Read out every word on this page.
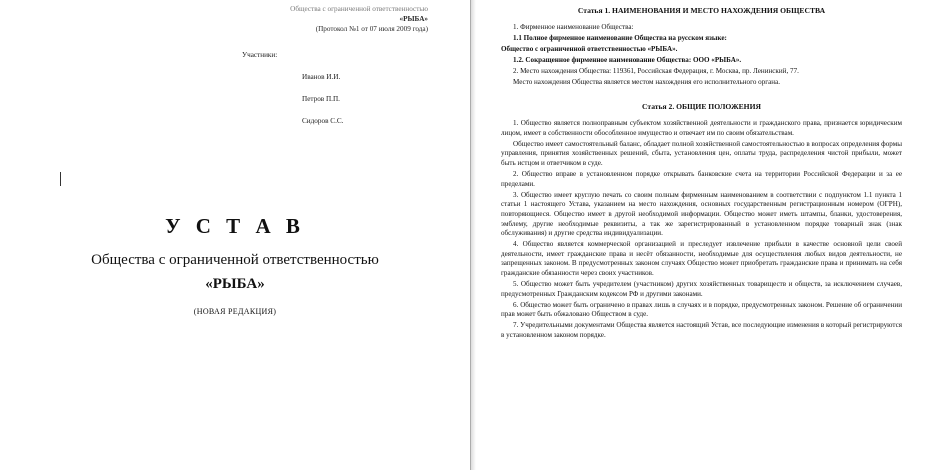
Общества с ограниченной ответственностью
«РЫБА»
(Протокол №1 от 07 июля 2009 года)
Участники:
Иванов И.И.
Петров П.П.
Сидоров С.С.
У С Т А В
Общества с ограниченной ответственностью
«РЫБА»
(НОВАЯ РЕДАКЦИЯ)
Статья 1. НАИМЕНОВАНИЯ И МЕСТО НАХОЖДЕНИЯ ОБЩЕСТВА
1. Фирменное наименование Общества:
1.1 Полное фирменное наименование Общества на русском языке:
Общество с ограниченной ответственностью «РЫБА».
1.2. Сокращенное фирменное наименование Общества: ООО «РЫБА».
2. Место нахождения Общества: 119361, Российская Федерация, г. Москва, пр. Ленинский, 77.
Место нахождения Общества является местом нахождения его исполнительного органа.
Статья 2. ОБЩИЕ ПОЛОЖЕНИЯ
1. Общество является полноправным субъектом хозяйственной деятельности и гражданского права, признается юридическим лицом, имеет в собственности обособленное имущество и отвечает им по своим обязательствам.
Общество имеет самостоятельный баланс, обладает полной хозяйственной самостоятельностью в вопросах определения формы управления, принятия хозяйственных решений, сбыта, установления цен, оплаты труда, распределения чистой прибыли, может быть истцом и ответчиком в суде.
2. Общество вправе в установленном порядке открывать банковские счета на территории Российской Федерации и за ее пределами.
3. Общество имеет круглую печать со своим полным фирменным наименованием в соответствии с подпунктом 1.1 пункта 1 статьи 1 настоящего Устава, указанием на место нахождения, основных государственным регистрационным номером (ОГРН), повторяющиеся. Общество имеет в другой необходимой информации. Общество может иметь штампы, бланки, удостоверения, эмблему, другие необходимые реквизиты, а так же зарегистрированный в установленном порядке товарный знак (знак обслуживания) и другие средства индивидуализации.
4. Общество является коммерческой организацией и преследует извлечение прибыли в качестве основной цели своей деятельности, имеет гражданские права и несёт обязанности, необходимые для осуществления любых видов деятельности, не запрещенных законом. В предусмотренных законом случаях Общество может приобретать гражданские права и принимать на себя гражданские обязанности через своих участников.
5. Общество может быть учредителем (участником) других хозяйственных товариществ и обществ, за исключением случаев, предусмотренных Гражданским кодексом РФ и другими законами.
6. Общество может быть ограничено в правах лишь в случаях и в порядке, предусмотренных законом. Решение об ограничении прав может быть обжаловано Обществом в суде.
7. Учредительными документами Общества является настоящий Устав, все последующие изменения в который регистрируются в установленном законом порядке.
